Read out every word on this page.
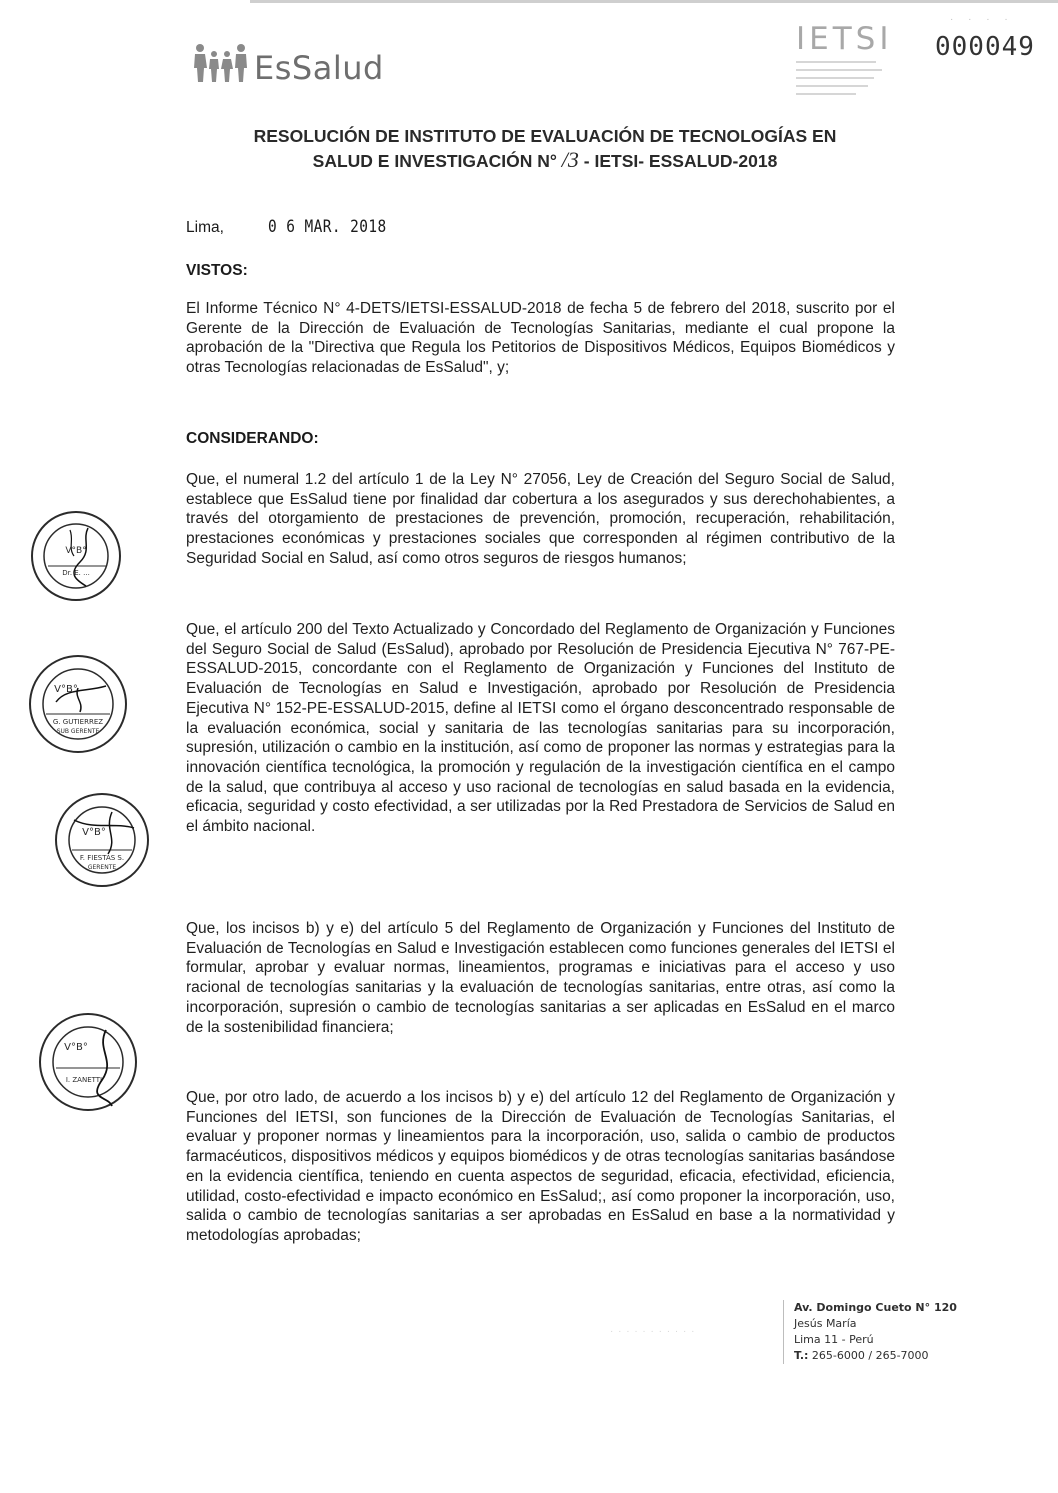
EsSalud
IETSI
· · · ·
000049
RESOLUCIÓN DE INSTITUTO DE EVALUACIÓN DE TECNOLOGÍAS EN
SALUD E INVESTIGACIÓN N° /3 - IETSI- ESSALUD-2018
Lima,	0 6 MAR. 2018
VISTOS:

El Informe Técnico N° 4-DETS/IETSI-ESSALUD-2018 de fecha 5 de febrero del 2018, suscrito por el Gerente de la Dirección de Evaluación de Tecnologías Sanitarias, mediante el cual propone la aprobación de la "Directiva que Regula los Petitorios de Dispositivos Médicos, Equipos Biomédicos y otras Tecnologías relacionadas de EsSalud", y;

CONSIDERANDO:

Que, el numeral 1.2 del artículo 1 de la Ley N° 27056, Ley de Creación del Seguro Social de Salud, establece que EsSalud tiene por finalidad dar cobertura a los asegurados y sus derechohabientes, a través del otorgamiento de prestaciones de prevención, promoción, recuperación, rehabilitación, prestaciones económicas y prestaciones sociales que corresponden al régimen contributivo de la Seguridad Social en Salud, así como otros seguros de riesgos humanos;

Que, el artículo 200 del Texto Actualizado y Concordado del Reglamento de Organización y Funciones del Seguro Social de Salud (EsSalud), aprobado por Resolución de Presidencia Ejecutiva N° 767-PE-ESSALUD-2015, concordante con el Reglamento de Organización y Funciones del Instituto de Evaluación de Tecnologías en Salud e Investigación, aprobado por Resolución de Presidencia Ejecutiva N° 152-PE-ESSALUD-2015, define al IETSI como el órgano desconcentrado responsable de la evaluación económica, social y sanitaria de las tecnologías sanitarias para su incorporación, supresión, utilización o cambio en la institución, así como de proponer las normas y estrategias para la innovación científica tecnológica, la promoción y regulación de la investigación científica en el campo de la salud, que contribuya al acceso y uso racional de tecnologías en salud basada en la evidencia, eficacia, seguridad y costo efectividad, a ser utilizadas por la Red Prestadora de Servicios de Salud en el ámbito nacional.

Que, los incisos b) y e) del artículo 5 del Reglamento de Organización y Funciones del Instituto de Evaluación de Tecnologías en Salud e Investigación establecen como funciones generales del IETSI el formular, aprobar y evaluar normas, lineamientos, programas e iniciativas para el acceso y uso racional de tecnologías sanitarias y la evaluación de tecnologías sanitarias, entre otras, así como la incorporación, supresión o cambio de tecnologías sanitarias a ser aplicadas en EsSalud en el marco de la sostenibilidad financiera;

Que, por otro lado, de acuerdo a los incisos b) y e) del artículo 12 del Reglamento de Organización y Funciones del IETSI, son funciones de la Dirección de Evaluación de Tecnologías Sanitarias, el evaluar y proponer normas y lineamientos para la incorporación, uso, salida o cambio de productos farmacéuticos, dispositivos médicos y equipos biomédicos y de otras tecnologías sanitarias basándose en la evidencia científica, teniendo en cuenta aspectos de seguridad, eficacia, efectividad, eficiencia, utilidad, costo-efectividad e impacto económico en EsSalud;, así como proponer la incorporación, uso, salida o cambio de tecnologías sanitarias a ser aprobadas en EsSalud en base a la normatividad y metodologías aprobadas;

V°B°
Dr. E. ...
V°B°
G. GUTIERREZ
SUB GERENTE
V°B°
F. FIESTAS S.
GERENTE
V°B°
I. ZANETTI
· · · · · · · · · · ·
Av. Domingo Cueto N° 120
Jesús María
Lima 11 - Perú
T.: 265-6000 / 265-7000
